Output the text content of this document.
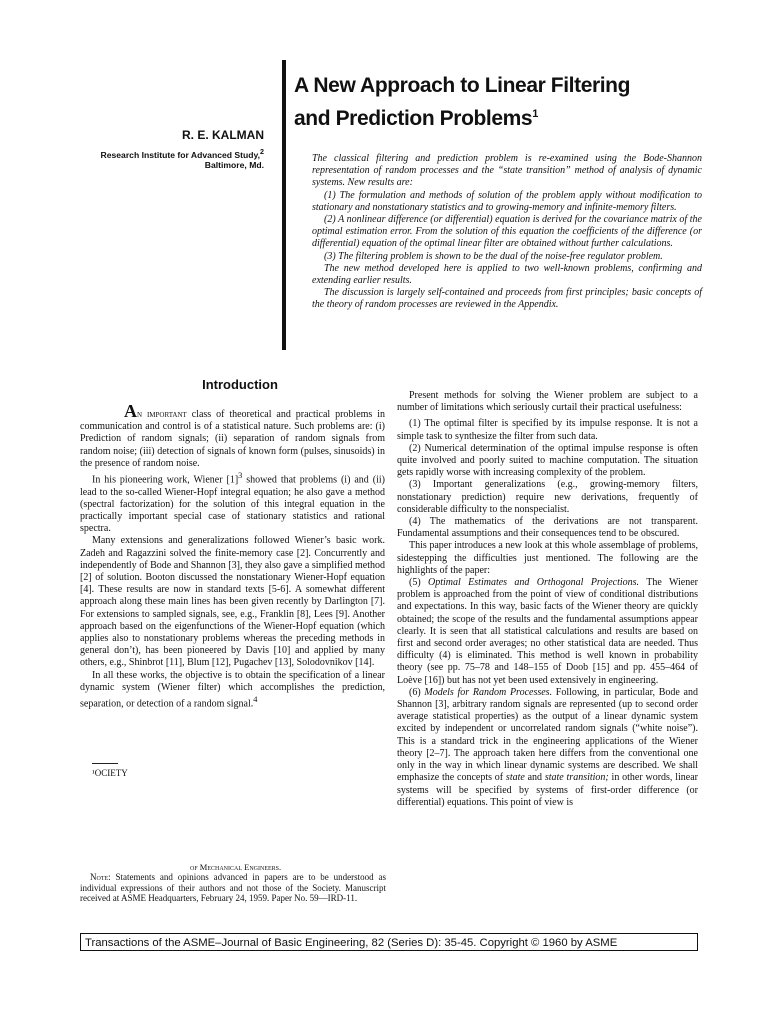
R. E. KALMAN
Research Institute for Advanced Study,$^2$
Baltimore, Md.
A New Approach to Linear Filtering
and Prediction Problems$^1$

The classical filtering and prediction problem is re-examined using the Bode-Shannon representation of random processes and the “state transition” method of analysis of dynamic systems. New results are:

(1) The formulation and methods of solution of the problem apply without modification to stationary and nonstationary statistics and to growing-memory and infinite-memory filters.

(2) A nonlinear difference (or differential) equation is derived for the covariance matrix of the optimal estimation error. From the solution of this equation the coefficients of the difference (or differential) equation of the optimal linear filter are obtained without further calculations.

(3) The filtering problem is shown to be the dual of the noise-free regulator problem.

The new method developed here is applied to two well-known problems, confirming and extending earlier results.

The discussion is largely self-contained and proceeds from first principles; basic concepts of the theory of random processes are reviewed in the Appendix.

Introduction

An important class of theoretical and practical problems in communication and control is of a statistical nature. Such problems are: (i) Prediction of random signals; (ii) separation of random signals from random noise; (iii) detection of signals of known form (pulses, sinusoids) in the presence of random noise.

In his pioneering work, Wiener $[1]^3$ showed that problems (i) and (ii) lead to the so-called Wiener-Hopf integral equation; he also gave a method (spectral factorization) for the solution of this integral equation in the practically important special case of stationary statistics and rational spectra.

Many extensions and generalizations followed Wiener’s basic work. Zadeh and Ragazzini solved the finite-memory case [2]. Concurrently and independently of Bode and Shannon [3], they also gave a simplified method [2] of solution. Booton discussed the nonstationary Wiener-Hopf equation [4]. These results are now in standard texts [5-6]. A somewhat different approach along these main lines has been given recently by Darlington [7]. For extensions to sampled signals, see, e.g., Franklin [8], Lees [9]. Another approach based on the eigenfunctions of the Wiener-Hopf equation (which applies also to nonstationary problems whereas the preceding methods in general don’t), has been pioneered by Davis [10] and applied by many others, e.g., Shinbrot [11], Blum [12], Pugachev [13], Solodovnikov [14].

In all these works, the objective is to obtain the specification of a linear dynamic system (Wiener filter) which accomplishes the prediction, separation, or detection of a random signal.$^4$

¹OCIETY
of Mechanical Engineers.

Note: Statements and opinions advanced in papers are to be understood as individual expressions of their authors and not those of the Society. Manuscript received at ASME Headquarters, February 24, 1959. Paper No. 59—IRD-11.

Present methods for solving the Wiener problem are subject to a number of limitations which seriously curtail their practical usefulness:

(1) The optimal filter is specified by its impulse response. It is not a simple task to synthesize the filter from such data.

(2) Numerical determination of the optimal impulse response is often quite involved and poorly suited to machine computation. The situation gets rapidly worse with increasing complexity of the problem.

(3) Important generalizations (e.g., growing-memory filters, nonstationary prediction) require new derivations, frequently of considerable difficulty to the nonspecialist.

(4) The mathematics of the derivations are not transparent. Fundamental assumptions and their consequences tend to be obscured.

This paper introduces a new look at this whole assemblage of problems, sidestepping the difficulties just mentioned. The following are the highlights of the paper:

(5) Optimal Estimates and Orthogonal Projections. The Wiener problem is approached from the point of view of conditional distributions and expectations. In this way, basic facts of the Wiener theory are quickly obtained; the scope of the results and the fundamental assumptions appear clearly. It is seen that all statistical calculations and results are based on first and second order averages; no other statistical data are needed. Thus difficulty (4) is eliminated. This method is well known in probability theory (see pp. 75–78 and 148–155 of Doob [15] and pp. 455–464 of Loève [16]) but has not yet been used extensively in engineering.

(6) Models for Random Processes. Following, in particular, Bode and Shannon [3], arbitrary random signals are represented (up to second order average statistical properties) as the output of a linear dynamic system excited by independent or uncorrelated random signals (“white noise”). This is a standard trick in the engineering applications of the Wiener theory [2–7]. The approach taken here differs from the conventional one only in the way in which linear dynamic systems are described. We shall emphasize the concepts of state and state transition; in other words, linear systems will be specified by systems of first-order difference (or differential) equations. This point of view is

Transactions of the ASME–Journal of Basic Engineering, 82 (Series D): 35-45. Copyright © 1960 by ASME
